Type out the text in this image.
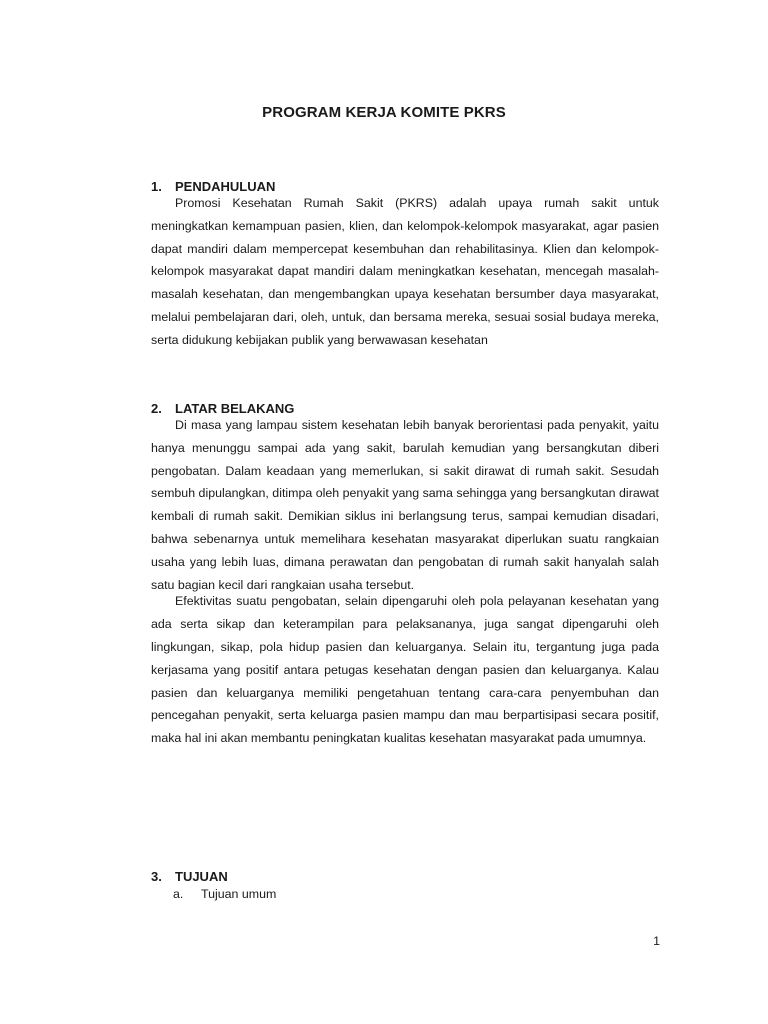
PROGRAM KERJA KOMITE PKRS
1.	PENDAHULUAN

Promosi Kesehatan Rumah Sakit (PKRS) adalah upaya rumah sakit untuk meningkatkan kemampuan pasien, klien, dan kelompok-kelompok masyarakat, agar pasien dapat mandiri dalam mempercepat kesembuhan dan rehabilitasinya. Klien dan kelompok-kelompok masyarakat dapat mandiri dalam meningkatkan kesehatan, mencegah masalah-masalah kesehatan, dan mengembangkan upaya kesehatan bersumber daya masyarakat, melalui pembelajaran dari, oleh, untuk, dan bersama mereka, sesuai sosial budaya mereka, serta didukung kebijakan publik yang berwawasan kesehatan

2.	LATAR BELAKANG

Di masa yang lampau sistem kesehatan lebih banyak berorientasi pada penyakit, yaitu hanya menunggu sampai ada yang sakit, barulah kemudian yang bersangkutan diberi pengobatan. Dalam keadaan yang memerlukan, si sakit dirawat di rumah sakit. Sesudah sembuh dipulangkan, ditimpa oleh penyakit yang sama sehingga yang bersangkutan dirawat kembali di rumah sakit. Demikian siklus ini berlangsung terus, sampai kemudian disadari, bahwa sebenarnya untuk memelihara kesehatan masyarakat diperlukan suatu rangkaian usaha yang lebih luas, dimana perawatan dan pengobatan di rumah sakit hanyalah salah satu bagian kecil dari rangkaian usaha tersebut.

Efektivitas suatu pengobatan, selain dipengaruhi oleh pola pelayanan kesehatan yang ada serta sikap dan keterampilan para pelaksananya, juga sangat dipengaruhi oleh lingkungan, sikap, pola hidup pasien dan keluarganya. Selain itu, tergantung juga pada kerjasama yang positif antara petugas kesehatan dengan pasien dan keluarganya. Kalau pasien dan keluarganya memiliki pengetahuan tentang cara-cara penyembuhan dan pencegahan penyakit, serta keluarga pasien mampu dan mau berpartisipasi secara positif, maka hal ini akan membantu peningkatan kualitas kesehatan masyarakat pada umumnya.

3.	TUJUAN
a.	Tujuan umum
1
